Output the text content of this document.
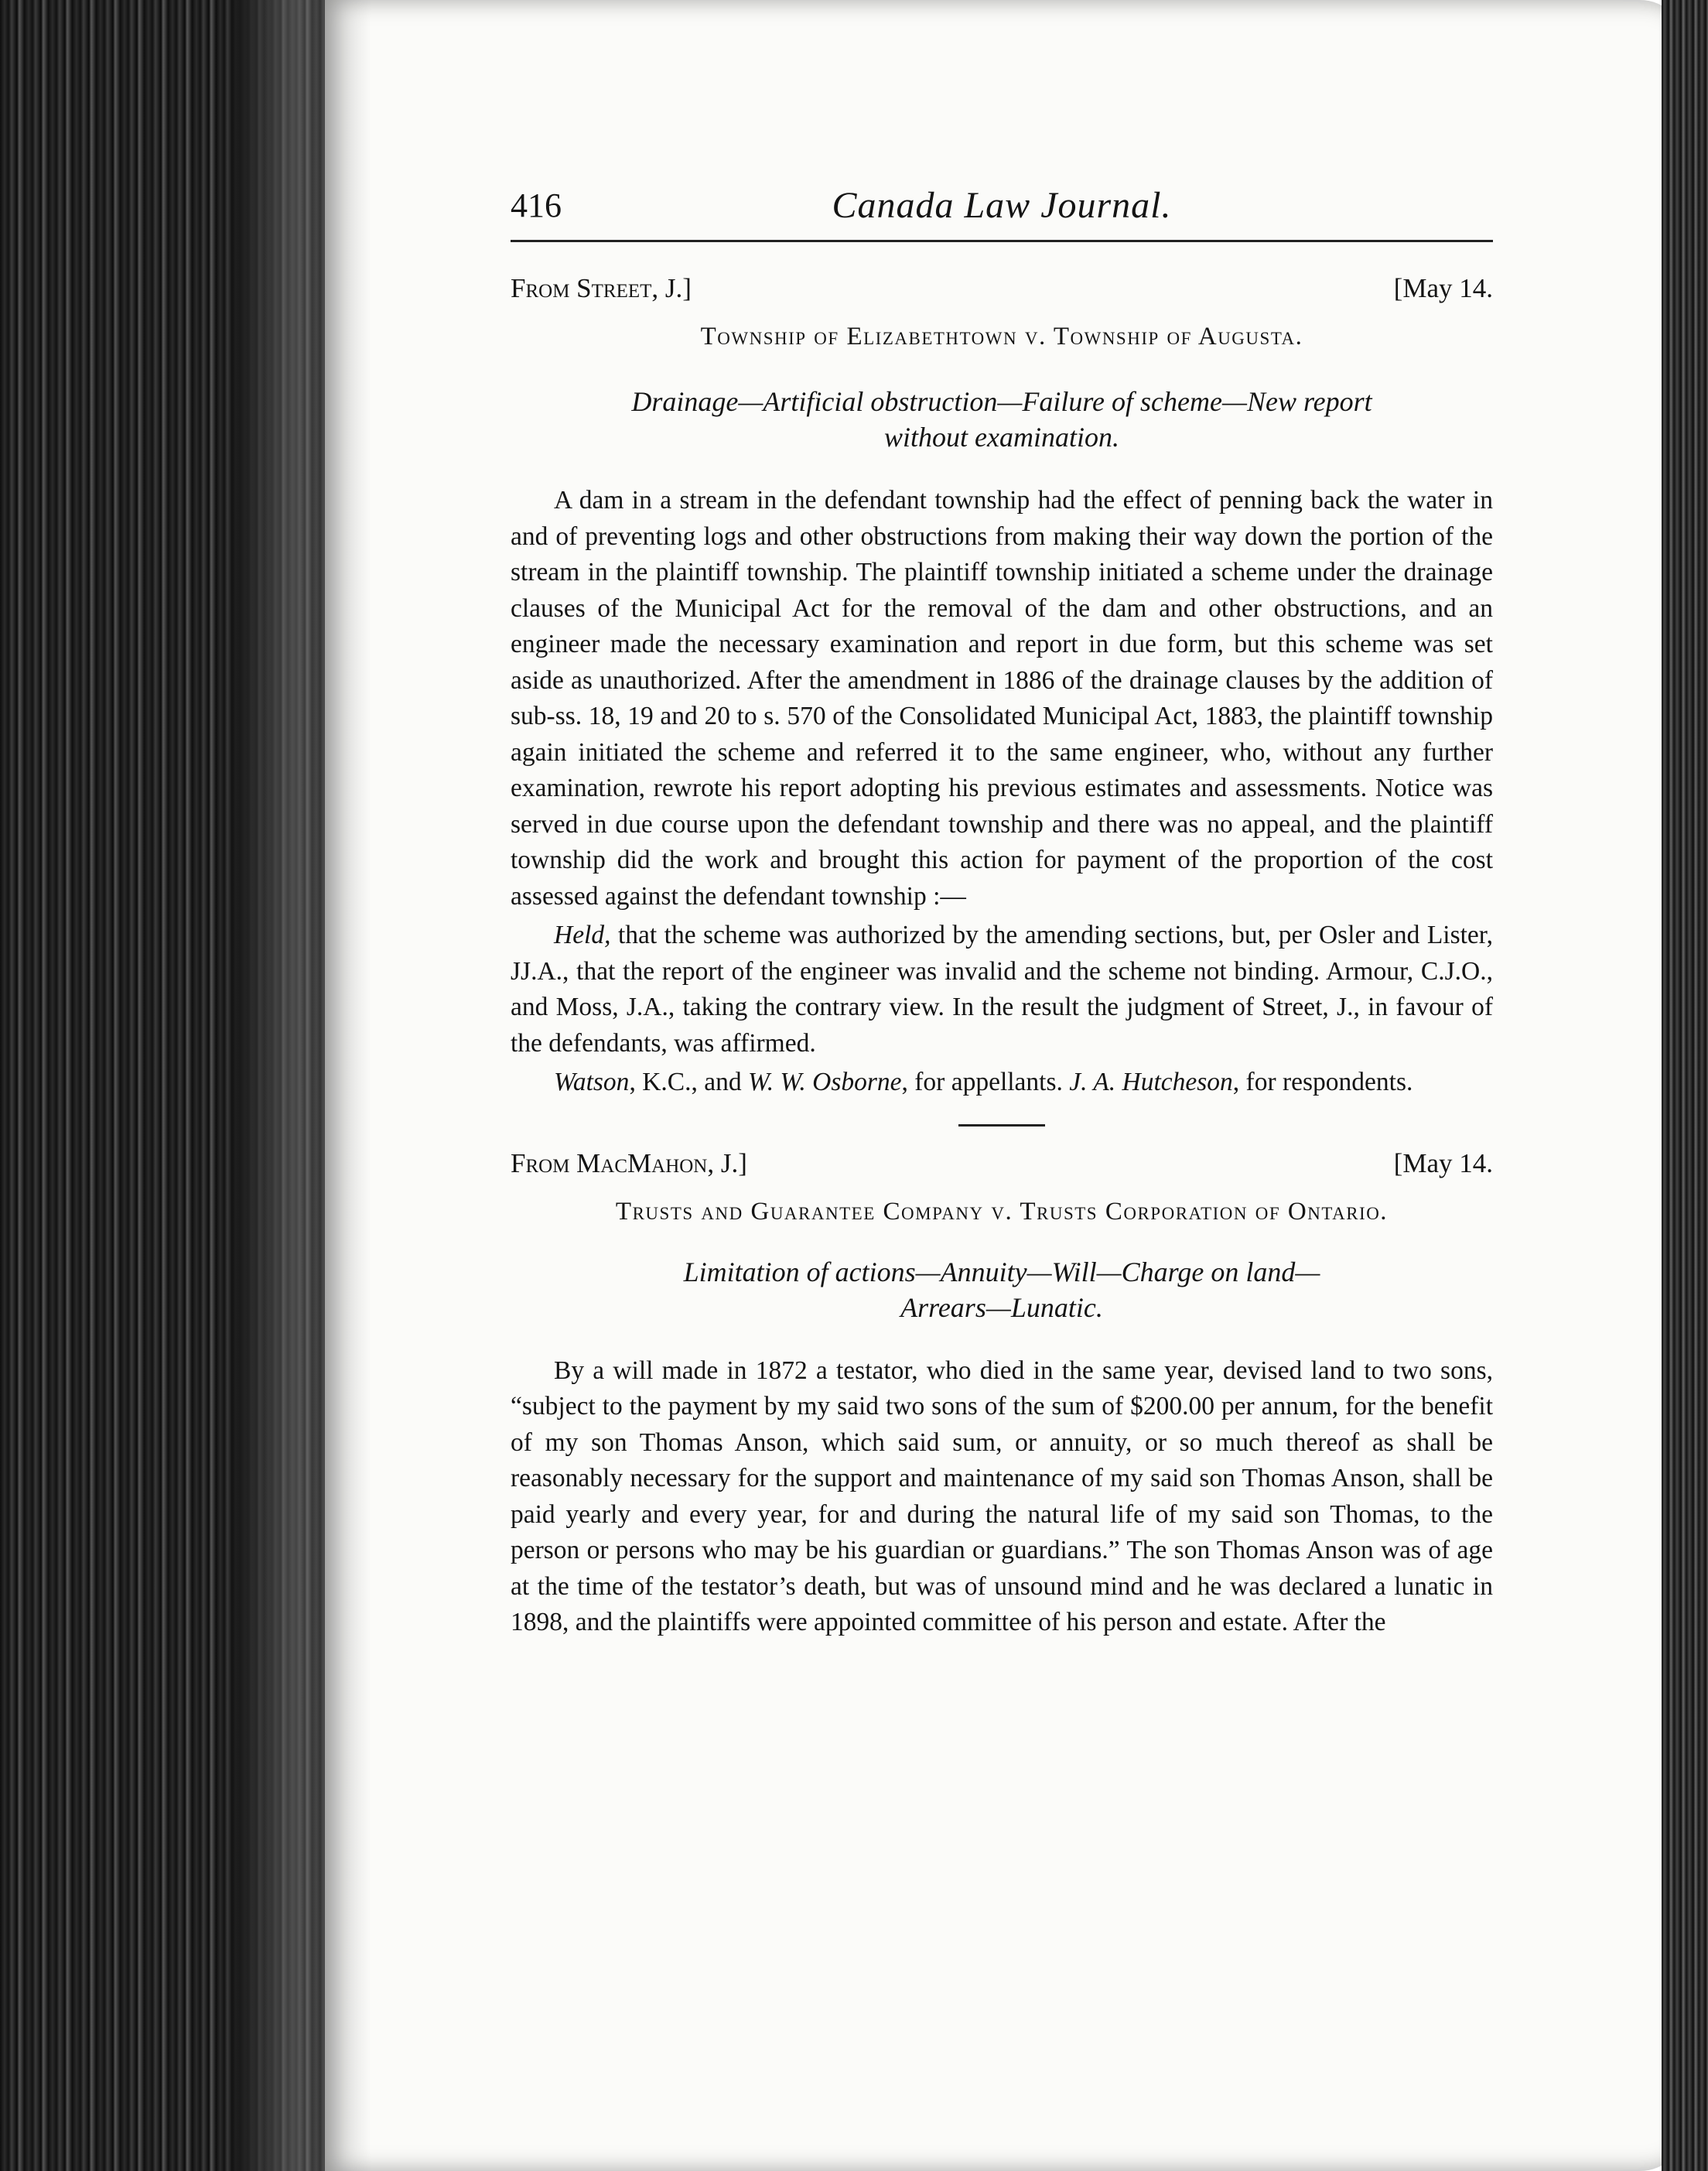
416	Canada Law Journal.
From Street, J.]	[May 14.
Township of Elizabethtown v. Township of Augusta.
Drainage—Artificial obstruction—Failure of scheme—New report
without examination.

A dam in a stream in the defendant township had the effect of penning back the water in and of preventing logs and other obstructions from making their way down the portion of the stream in the plaintiff township. The plaintiff township initiated a scheme under the drainage clauses of the Municipal Act for the removal of the dam and other obstructions, and an engineer made the necessary examination and report in due form, but this scheme was set aside as unauthorized. After the amendment in 1886 of the drainage clauses by the addition of sub-ss. 18, 19 and 20 to s. 570 of the Consolidated Municipal Act, 1883, the plaintiff township again initiated the scheme and referred it to the same engineer, who, without any further examination, rewrote his report adopting his previous estimates and assessments. Notice was served in due course upon the defendant township and there was no appeal, and the plaintiff township did the work and brought this action for payment of the proportion of the cost assessed against the defendant township :—

Held, that the scheme was authorized by the amending sections, but, per Osler and Lister, JJ.A., that the report of the engineer was invalid and the scheme not binding. Armour, C.J.O., and Moss, J.A., taking the contrary view. In the result the judgment of Street, J., in favour of the defendants, was affirmed.

Watson, K.C., and W. W. Osborne, for appellants. J. A. Hutcheson, for respondents.

From MacMahon, J.]	[May 14.
Trusts and Guarantee Company v. Trusts Corporation of Ontario.
Limitation of actions—Annuity—Will—Charge on land—
Arrears—Lunatic.

By a will made in 1872 a testator, who died in the same year, devised land to two sons, “subject to the payment by my said two sons of the sum of $200.00 per annum, for the benefit of my son Thomas Anson, which said sum, or annuity, or so much thereof as shall be reasonably necessary for the support and maintenance of my said son Thomas Anson, shall be paid yearly and every year, for and during the natural life of my said son Thomas, to the person or persons who may be his guardian or guardians.” The son Thomas Anson was of age at the time of the testator’s death, but was of unsound mind and he was declared a lunatic in 1898, and the plaintiffs were appointed committee of his person and estate. After the
